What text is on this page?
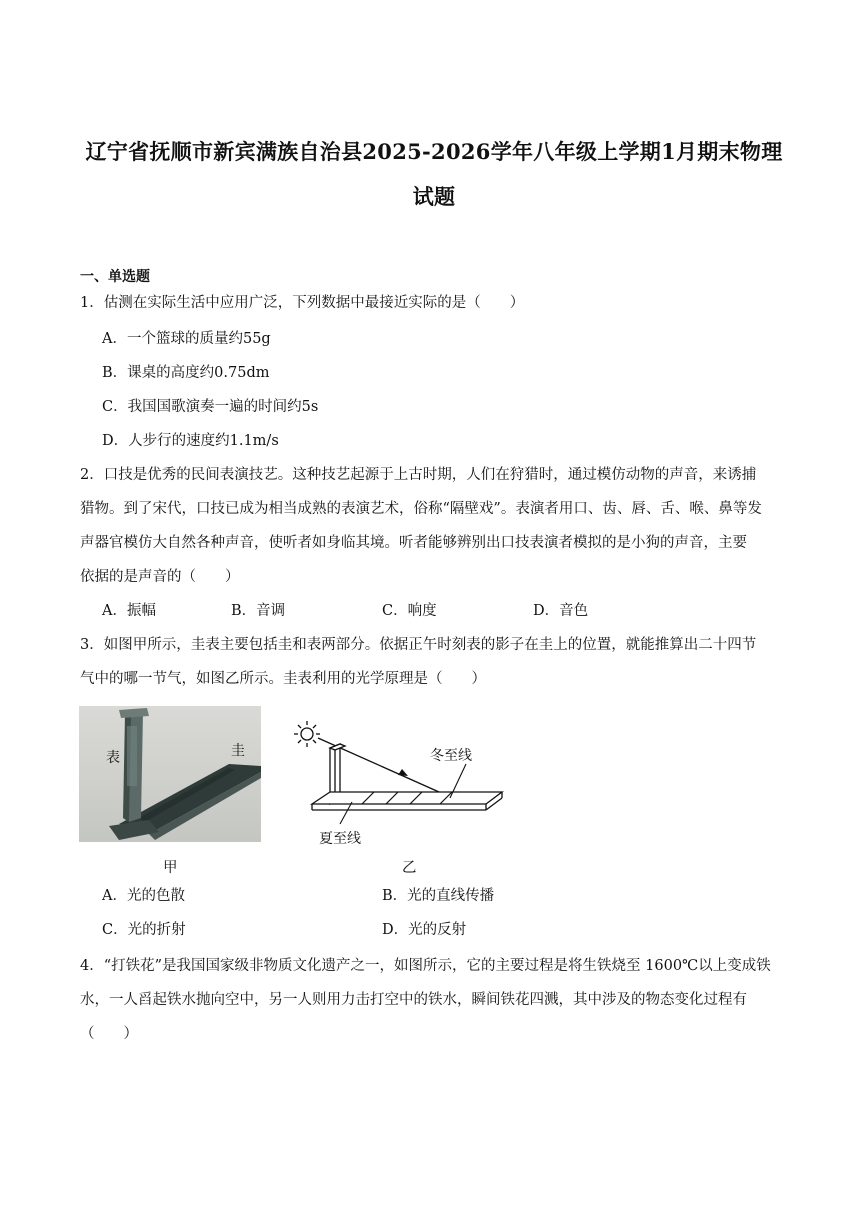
辽宁省抚顺市新宾满族自治县2025-2026学年八年级上学期1月期末物理
试题
一、单选题
1．估测在实际生活中应用广泛，下列数据中最接近实际的是（　　）
A．一个篮球的质量约55g
B．课桌的高度约0.75dm
C．我国国歌演奏一遍的时间约5s
D．人步行的速度约1.1m/s
2．口技是优秀的民间表演技艺。这种技艺起源于上古时期，人们在狩猎时，通过模仿动物的声音，来诱捕
猎物。到了宋代，口技已成为相当成熟的表演艺术，俗称“隔壁戏”。表演者用口、齿、唇、舌、喉、鼻等发
声器官模仿大自然各种声音，使听者如身临其境。听者能够辨别出口技表演者模拟的是小狗的声音，主要
依据的是声音的（　　）
A．振幅	B．音调	C．响度	D．音色
3．如图甲所示，圭表主要包括圭和表两部分。依据正午时刻表的影子在圭上的位置，就能推算出二十四节
气中的哪一节气，如图乙所示。圭表利用的光学原理是（　　）
表	圭
甲
冬至线
夏至线
乙
A．光的色散	B．光的直线传播
C．光的折射	D．光的反射
4．“打铁花”是我国国家级非物质文化遗产之一，如图所示，它的主要过程是将生铁烧至 1600℃以上变成铁
水，一人舀起铁水抛向空中，另一人则用力击打空中的铁水，瞬间铁花四溅，其中涉及的物态变化过程有
（　　）
